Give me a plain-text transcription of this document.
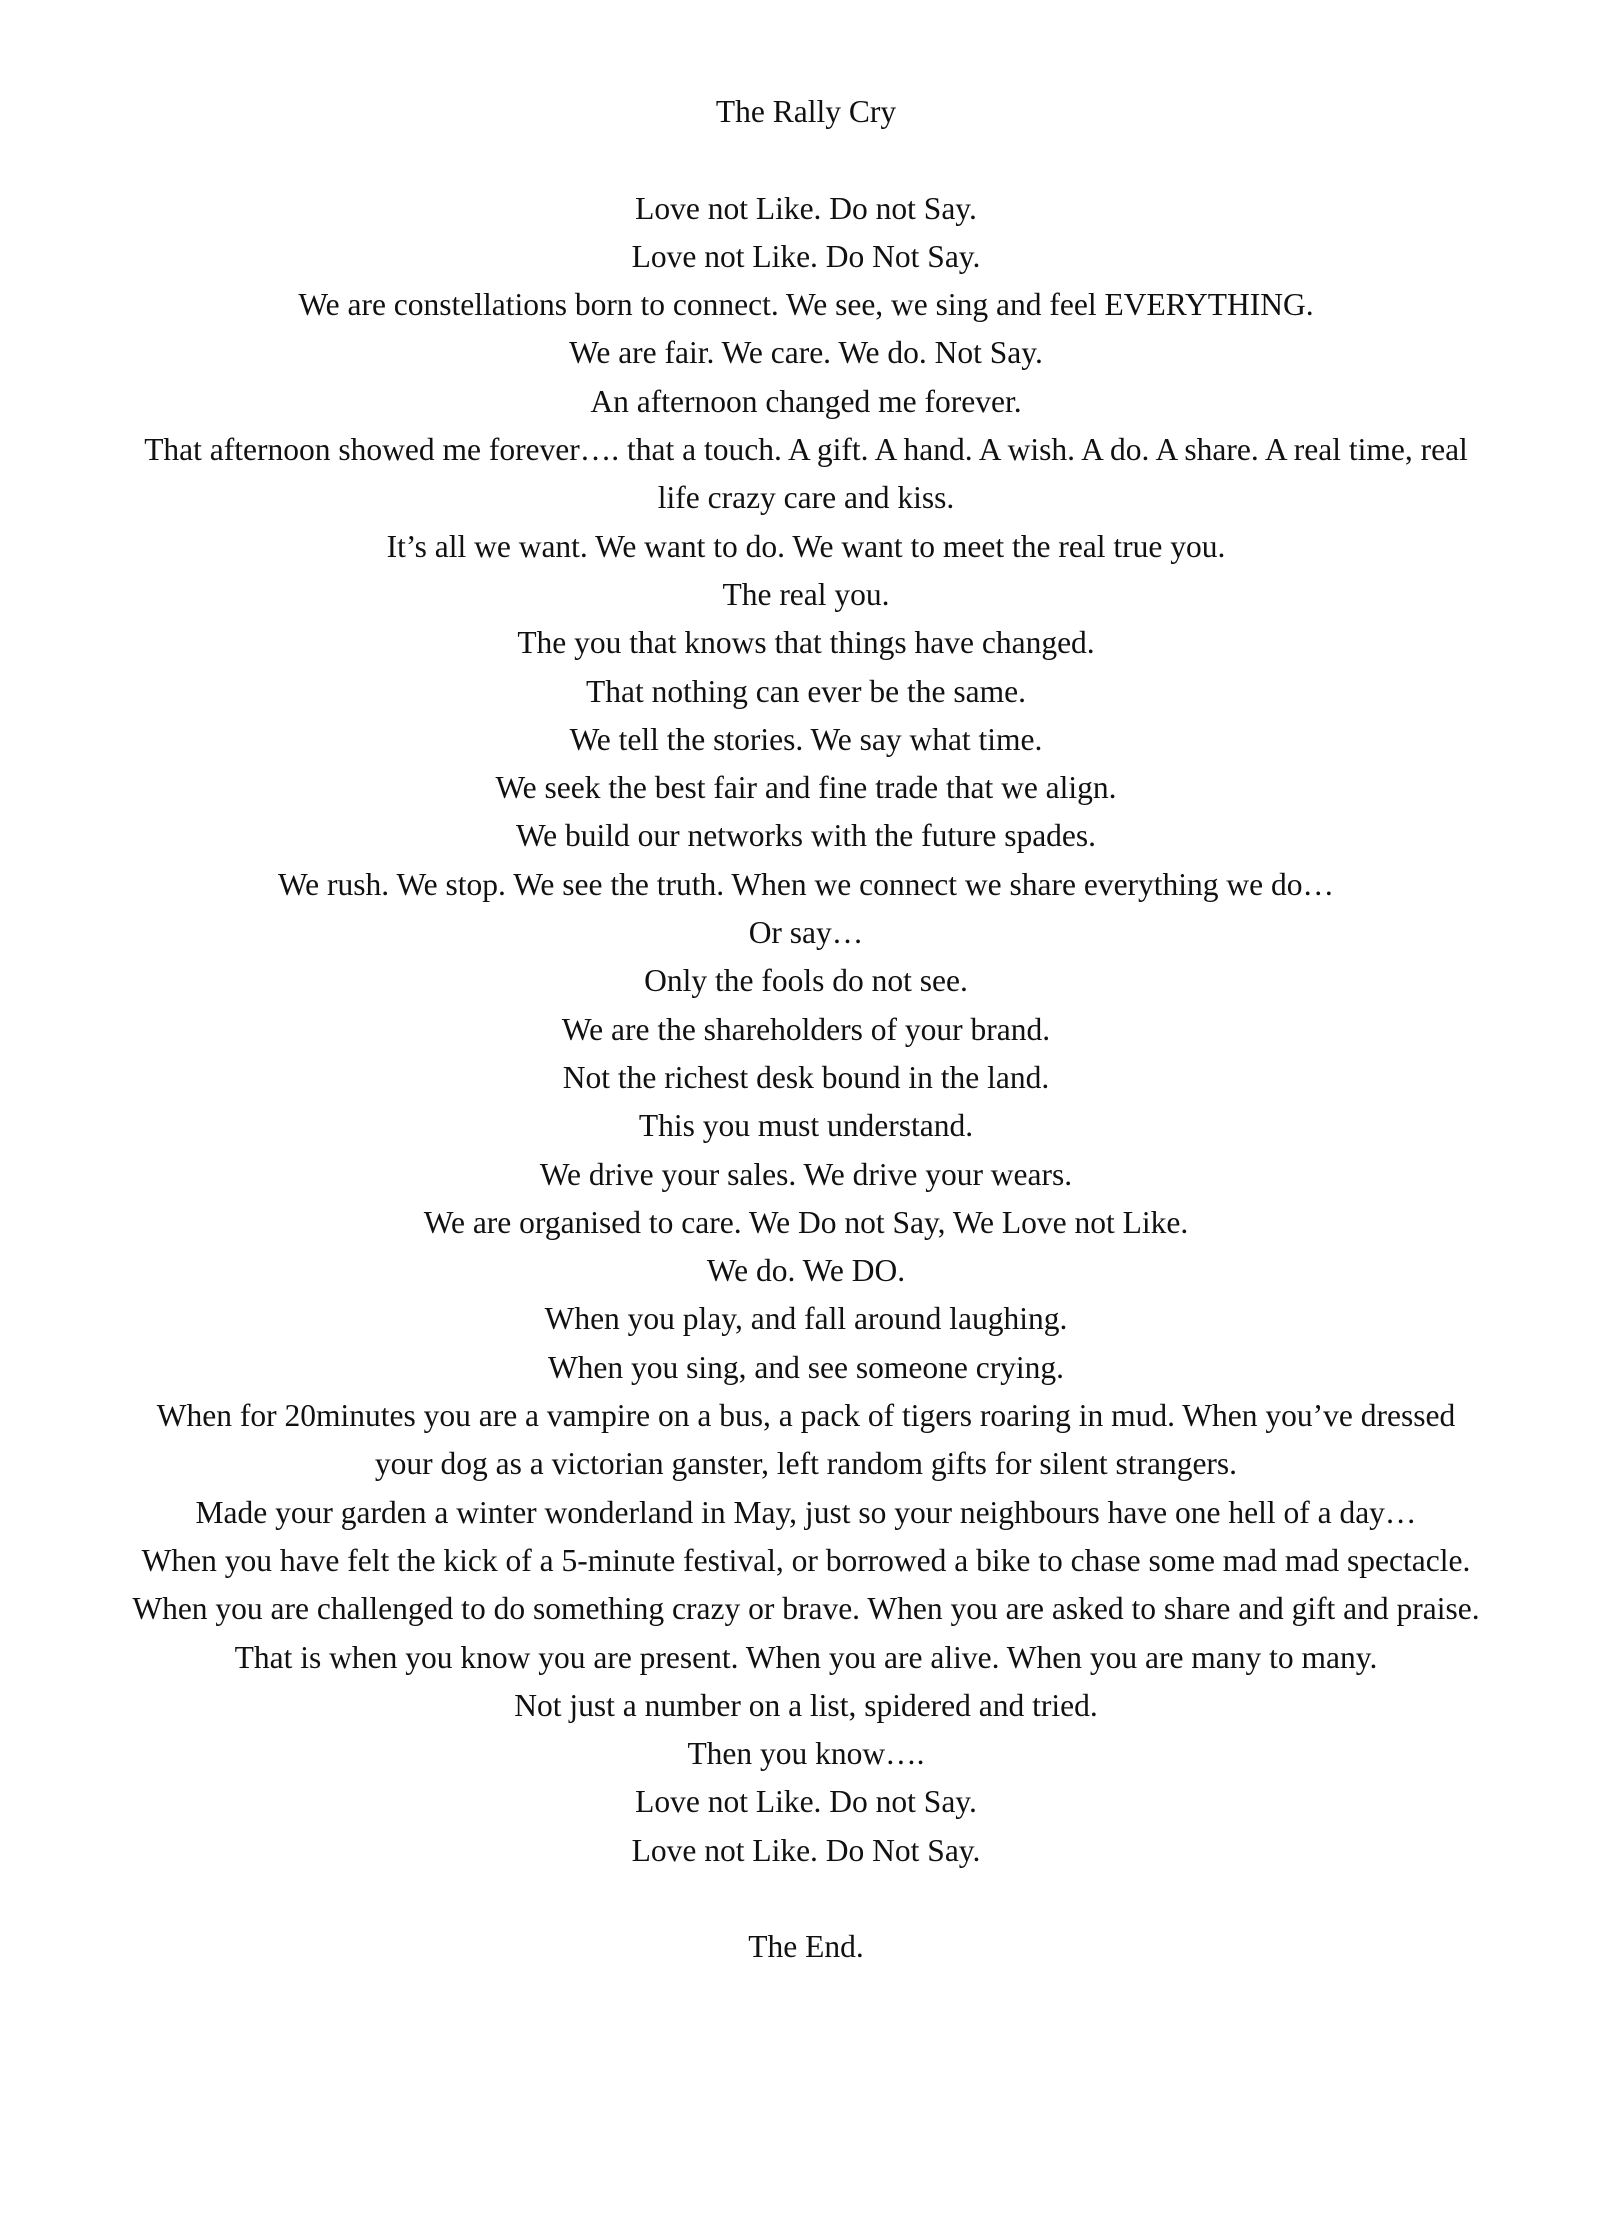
The Rally Cry

Love not Like. Do not Say.

Love not Like. Do Not Say.

We are constellations born to connect. We see, we sing and feel EVERYTHING.

We are fair. We care. We do. Not Say.

An afternoon changed me forever.

That afternoon showed me forever…. that a touch. A gift. A hand. A wish. A do. A share. A real time, real life crazy care and kiss.

It’s all we want. We want to do. We want to meet the real true you.

The real you.

The you that knows that things have changed.

That nothing can ever be the same.

We tell the stories. We say what time.

We seek the best fair and fine trade that we align.

We build our networks with the future spades.

We rush. We stop. We see the truth. When we connect we share everything we do…

Or say…

Only the fools do not see.

We are the shareholders of your brand.

Not the richest desk bound in the land.

This you must understand.

We drive your sales. We drive your wears.

We are organised to care. We Do not Say, We Love not Like.

We do. We DO.

When you play, and fall around laughing.

When you sing, and see someone crying.

When for 20minutes you are a vampire on a bus, a pack of tigers roaring in mud. When you’ve dressed your dog as a victorian ganster, left random gifts for silent strangers.

Made your garden a winter wonderland in May, just so your neighbours have one hell of a day…

When you have felt the kick of a 5-minute festival, or borrowed a bike to chase some mad mad spectacle.

When you are challenged to do something crazy or brave. When you are asked to share and gift and praise. That is when you know you are present. When you are alive. When you are many to many.

Not just a number on a list, spidered and tried.

Then you know….

Love not Like. Do not Say.

Love not Like. Do Not Say.

The End.
